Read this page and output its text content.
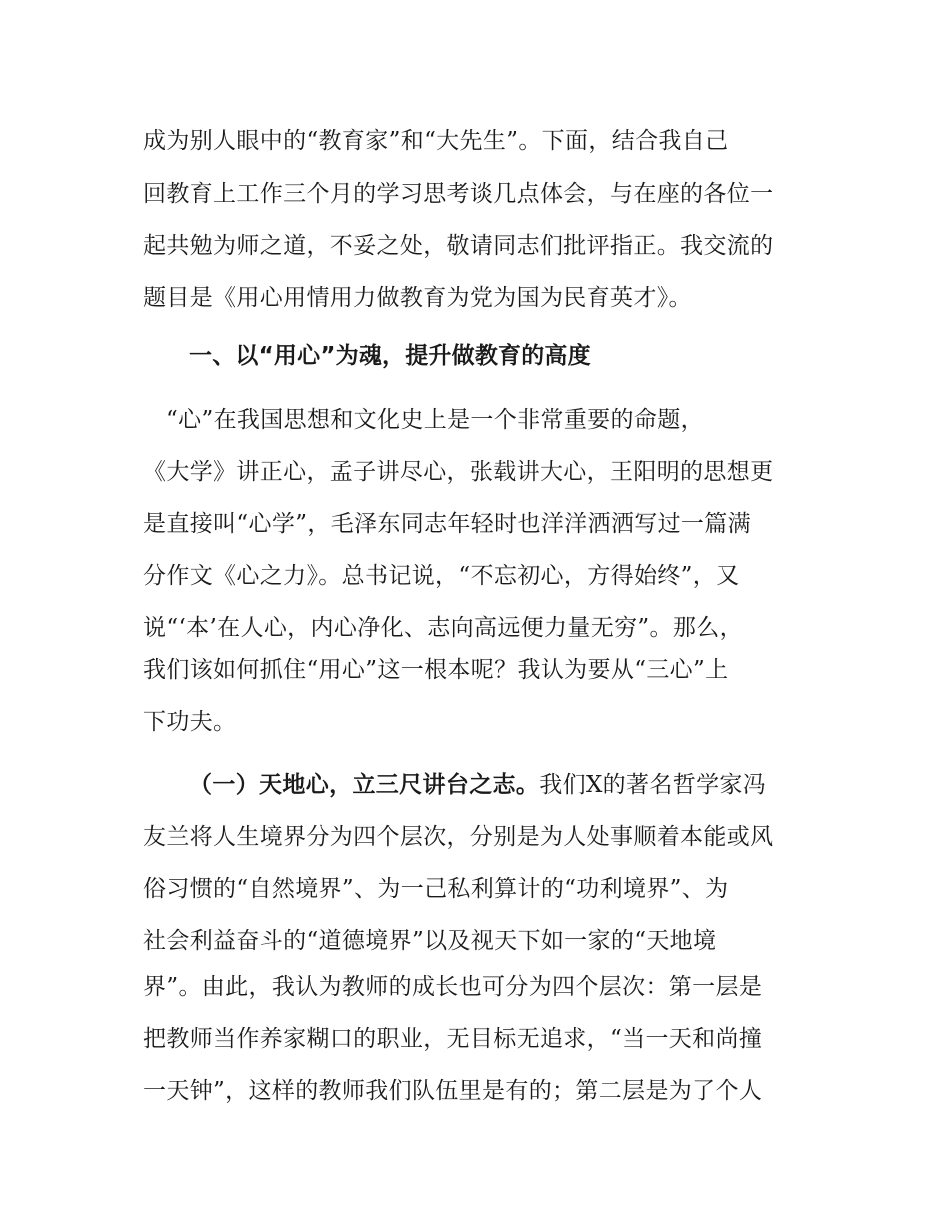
成为别人眼中的“教育家”和“大先生”。下面，结合我自己
回教育上工作三个月的学习思考谈几点体会，与在座的各位一
起共勉为师之道，不妥之处，敬请同志们批评指正。我交流的
题目是《用心用情用力做教育为党为国为民育英才》。
一、以“用心”为魂，提升做教育的高度
“心”在我国思想和文化史上是一个非常重要的命题，
《大学》讲正心，孟子讲尽心，张载讲大心，王阳明的思想更
是直接叫“心学”，毛泽东同志年轻时也洋洋洒洒写过一篇满
分作文《心之力》。总书记说，“不忘初心，方得始终”，又
说“‘本’在人心，内心净化、志向高远便力量无穷”。那么，
我们该如何抓住“用心”这一根本呢？我认为要从“三心”上
下功夫。
（一）天地心，立三尺讲台之志。我们X的著名哲学家冯
友兰将人生境界分为四个层次，分别是为人处事顺着本能或风
俗习惯的“自然境界”、为一己私利算计的“功利境界”、为
社会利益奋斗的“道德境界”以及视天下如一家的“天地境
界”。由此，我认为教师的成长也可分为四个层次：第一层是
把教师当作养家糊口的职业，无目标无追求，“当一天和尚撞
一天钟”，这样的教师我们队伍里是有的；第二层是为了个人
